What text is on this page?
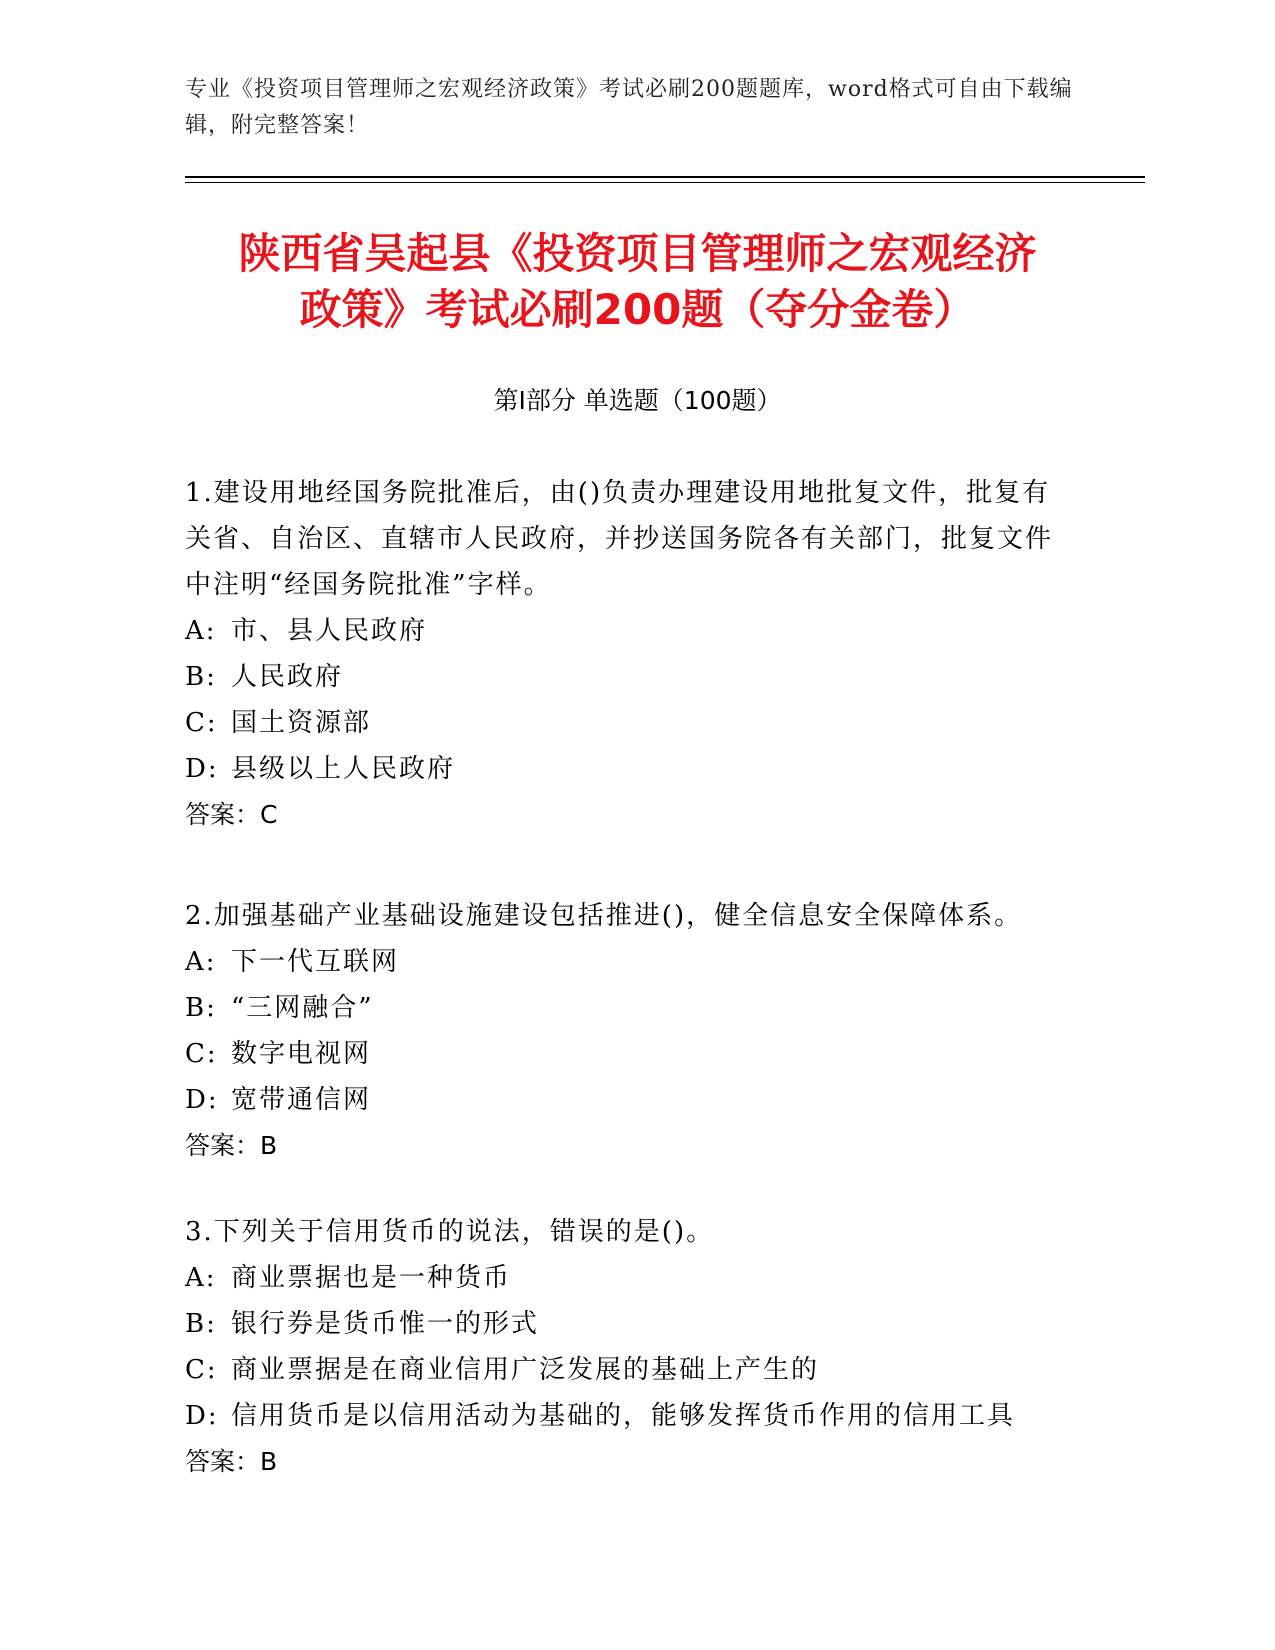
专业《投资项目管理师之宏观经济政策》考试必刷200题题库，word格式可自由下载编辑，附完整答案！
陕西省吴起县《投资项目管理师之宏观经济
政策》考试必刷200题（夺分金卷）
第Ⅰ部分 单选题（100题）

1.建设用地经国务院批准后，由()负责办理建设用地批复文件，批复有关省、自治区、直辖市人民政府，并抄送国务院各有关部门，批复文件中注明“经国务院批准”字样。

A: 市、县人民政府

B: 人民政府

C: 国土资源部

D: 县级以上人民政府

答案：C

2.加强基础产业基础设施建设包括推进()，健全信息安全保障体系。

A: 下一代互联网

B: “三网融合”

C: 数字电视网

D: 宽带通信网

答案：B

3.下列关于信用货币的说法，错误的是()。

A: 商业票据也是一种货币

B: 银行券是货币惟一的形式

C: 商业票据是在商业信用广泛发展的基础上产生的

D: 信用货币是以信用活动为基础的，能够发挥货币作用的信用工具

答案：B
